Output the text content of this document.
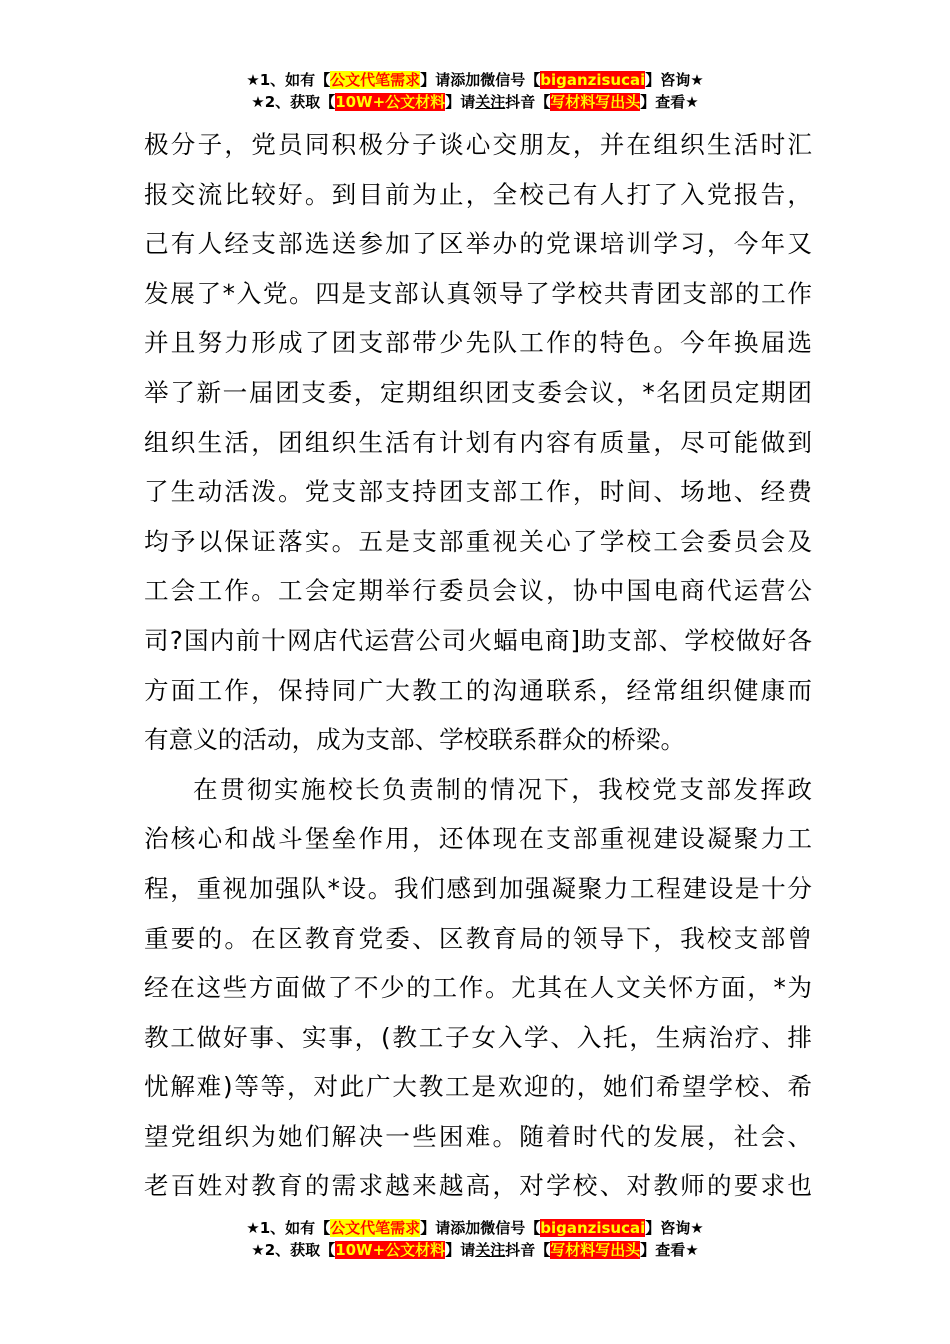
★1、如有【公文代笔需求】请添加微信号【biganzisucai】咨询★
★2、获取【10W+公文材料】请关注抖音【写材料写出头】查看★
极分子，党员同积极分子谈心交朋友，并在组织生活时汇
报交流比较好。到目前为止，全校己有人打了入党报告，
己有人经支部选送参加了区举办的党课培训学习，今年又
发展了*入党。四是支部认真领导了学校共青团支部的工作
并且努力形成了团支部带少先队工作的特色。今年换届选
举了新一届团支委，定期组织团支委会议，*名团员定期团
组织生活，团组织生活有计划有内容有质量，尽可能做到
了生动活泼。党支部支持团支部工作，时间、场地、经费
均予以保证落实。五是支部重视关心了学校工会委员会及
工会工作。工会定期举行委员会议，协中国电商代运营公
司?国内前十网店代运营公司火蝠电商]助支部、学校做好各
方面工作，保持同广大教工的沟通联系，经常组织健康而
有意义的活动，成为支部、学校联系群众的桥梁。
在贯彻实施校长负责制的情况下，我校党支部发挥政
治核心和战斗堡垒作用，还体现在支部重视建设凝聚力工
程，重视加强队*设。我们感到加强凝聚力工程建设是十分
重要的。在区教育党委、区教育局的领导下，我校支部曾
经在这些方面做了不少的工作。尤其在人文关怀方面，*为
教工做好事、实事，(教工子女入学、入托，生病治疗、排
忧解难)等等，对此广大教工是欢迎的，她们希望学校、希
望党组织为她们解决一些困难。随着时代的发展，社会、
老百姓对教育的需求越来越高，对学校、对教师的要求也
★1、如有【公文代笔需求】请添加微信号【biganzisucai】咨询★
★2、获取【10W+公文材料】请关注抖音【写材料写出头】查看★
